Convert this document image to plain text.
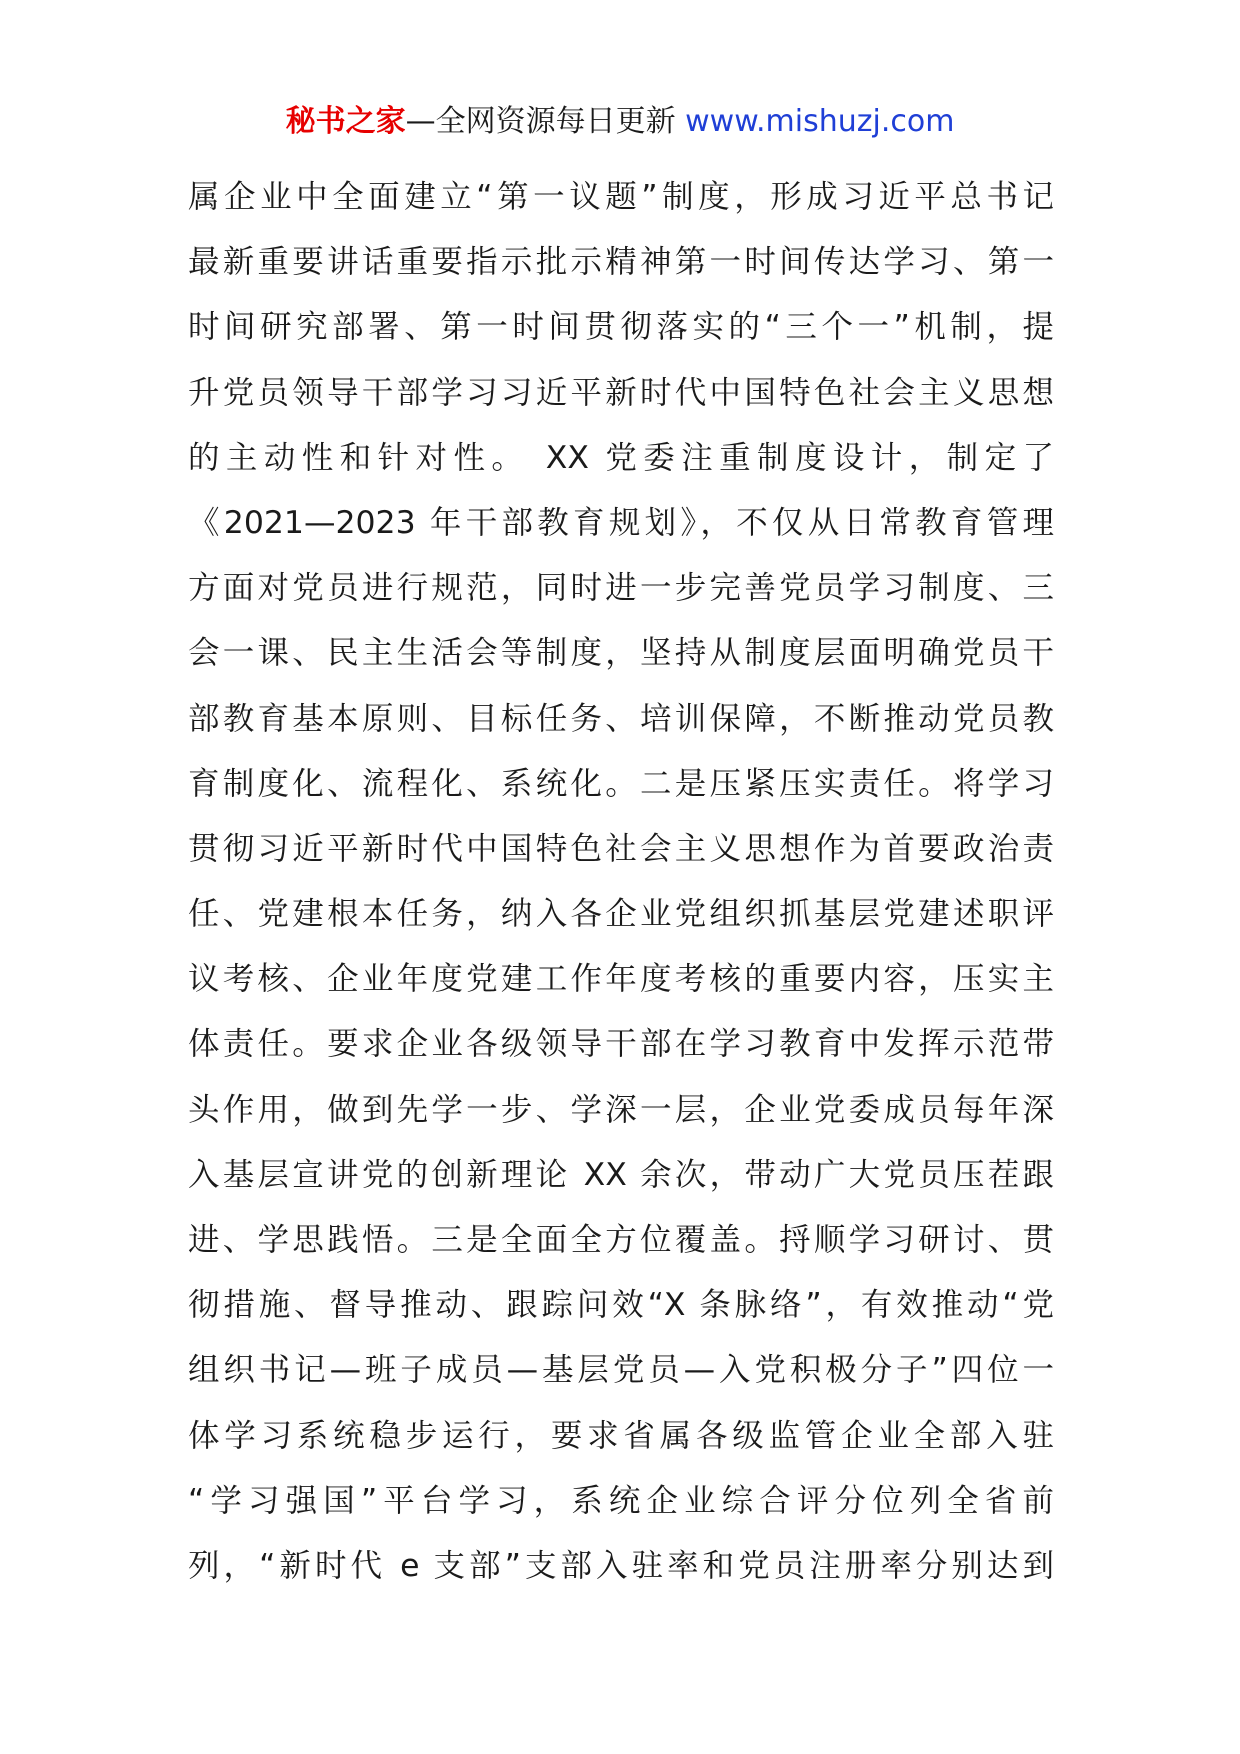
秘书之家—全网资源每日更新 www.mishuzj.com
属企业中全面建立“第一议题”制度，形成习近平总书记
最新重要讲话重要指示批示精神第一时间传达学习、第一
时间研究部署、第一时间贯彻落实的“三个一”机制，提
升党员领导干部学习习近平新时代中国特色社会主义思想
的主动性和针对性。 XX 党委注重制度设计，制定了
《2021—2023 年干部教育规划》，不仅从日常教育管理
方面对党员进行规范，同时进一步完善党员学习制度、三
会一课、民主生活会等制度，坚持从制度层面明确党员干
部教育基本原则、目标任务、培训保障，不断推动党员教
育制度化、流程化、系统化。二是压紧压实责任。将学习
贯彻习近平新时代中国特色社会主义思想作为首要政治责
任、党建根本任务，纳入各企业党组织抓基层党建述职评
议考核、企业年度党建工作年度考核的重要内容，压实主
体责任。要求企业各级领导干部在学习教育中发挥示范带
头作用，做到先学一步、学深一层，企业党委成员每年深
入基层宣讲党的创新理论 XX 余次，带动广大党员压茬跟
进、学思践悟。三是全面全方位覆盖。捋顺学习研讨、贯
彻措施、督导推动、跟踪问效“X 条脉络”，有效推动“党
组织书记—班子成员—基层党员—入党积极分子”四位一
体学习系统稳步运行，要求省属各级监管企业全部入驻
“学习强国”平台学习，系统企业综合评分位列全省前
列，“新时代 e 支部”支部入驻率和党员注册率分别达到
